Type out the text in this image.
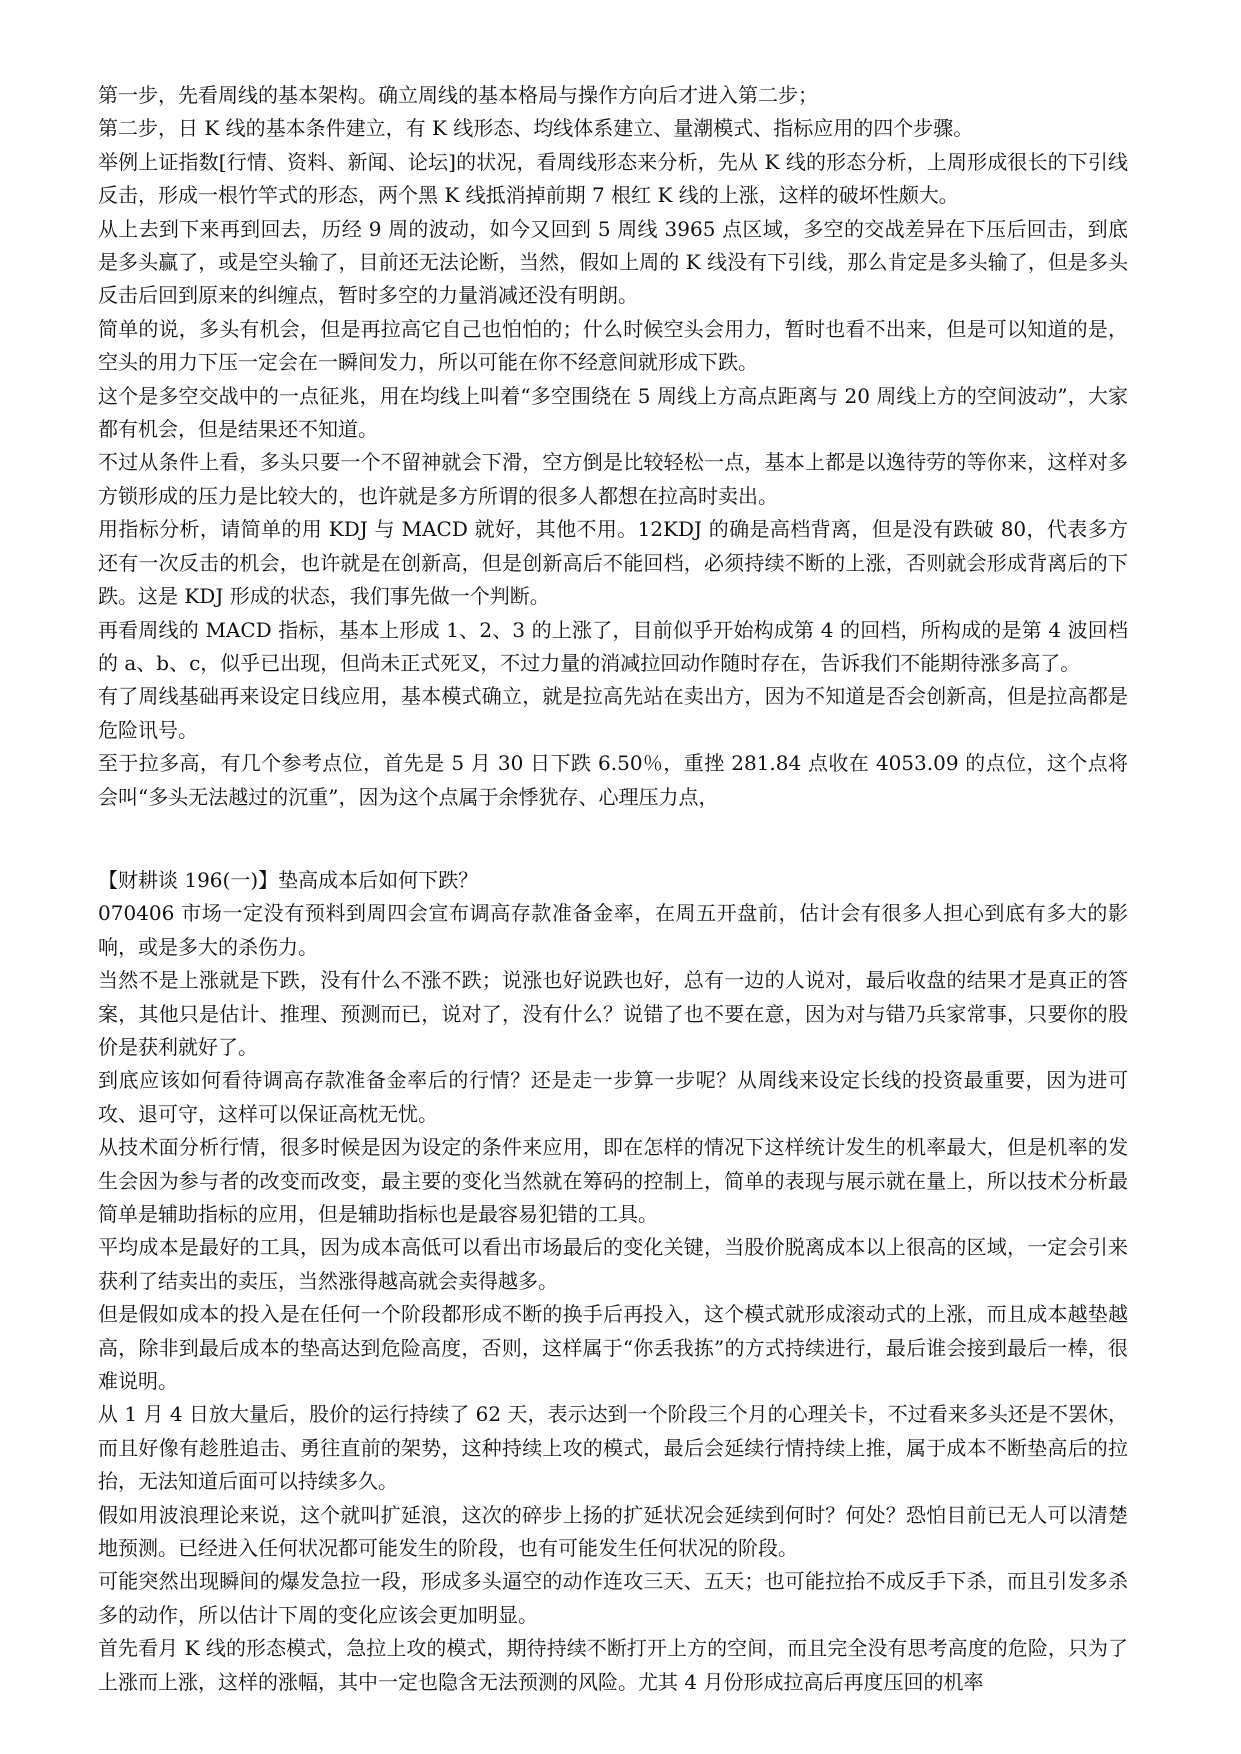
第一步，先看周线的基本架构。确立周线的基本格局与操作方向后才进入第二步；

第二步，日 K 线的基本条件建立，有 K 线形态、均线体系建立、量潮模式、指标应用的四个步骤。

举例上证指数[行情、资料、新闻、论坛]的状况，看周线形态来分析，先从 K 线的形态分析，上周形成很长的下引线反击，形成一根竹竿式的形态，两个黑 K 线抵消掉前期 7 根红 K 线的上涨，这样的破坏性颇大。

从上去到下来再到回去，历经 9 周的波动，如今又回到 5 周线 3965 点区域，多空的交战差异在下压后回击，到底是多头赢了，或是空头输了，目前还无法论断，当然，假如上周的 K 线没有下引线，那么肯定是多头输了，但是多头反击后回到原来的纠缠点，暂时多空的力量消减还没有明朗。

简单的说，多头有机会，但是再拉高它自己也怕怕的；什么时候空头会用力，暂时也看不出来，但是可以知道的是，空头的用力下压一定会在一瞬间发力，所以可能在你不经意间就形成下跌。

这个是多空交战中的一点征兆，用在均线上叫着“多空围绕在 5 周线上方高点距离与 20 周线上方的空间波动”，大家都有机会，但是结果还不知道。

不过从条件上看，多头只要一个不留神就会下滑，空方倒是比较轻松一点，基本上都是以逸待劳的等你来，这样对多方锁形成的压力是比较大的，也许就是多方所谓的很多人都想在拉高时卖出。

用指标分析，请简单的用 KDJ 与 MACD 就好，其他不用。12KDJ 的确是高档背离，但是没有跌破 80，代表多方还有一次反击的机会，也许就是在创新高，但是创新高后不能回档，必须持续不断的上涨，否则就会形成背离后的下跌。这是 KDJ 形成的状态，我们事先做一个判断。

再看周线的 MACD 指标，基本上形成 1、2、3 的上涨了，目前似乎开始构成第 4 的回档，所构成的是第 4 波回档的 a、b、c，似乎已出现，但尚未正式死叉，不过力量的消减拉回动作随时存在，告诉我们不能期待涨多高了。

有了周线基础再来设定日线应用，基本模式确立，就是拉高先站在卖出方，因为不知道是否会创新高，但是拉高都是危险讯号。

至于拉多高，有几个参考点位，首先是 5 月 30 日下跌 6.50％，重挫 281.84 点收在 4053.09 的点位，这个点将会叫“多头无法越过的沉重”，因为这个点属于余悸犹存、心理压力点，

【财耕谈 196(一)】垫高成本后如何下跌？

070406 市场一定没有预料到周四会宣布调高存款准备金率，在周五开盘前，估计会有很多人担心到底有多大的影响，或是多大的杀伤力。

当然不是上涨就是下跌，没有什么不涨不跌；说涨也好说跌也好，总有一边的人说对，最后收盘的结果才是真正的答案，其他只是估计、推理、预测而已，说对了，没有什么？说错了也不要在意，因为对与错乃兵家常事，只要你的股价是获利就好了。

到底应该如何看待调高存款准备金率后的行情？还是走一步算一步呢？从周线来设定长线的投资最重要，因为进可攻、退可守，这样可以保证高枕无忧。

从技术面分析行情，很多时候是因为设定的条件来应用，即在怎样的情况下这样统计发生的机率最大，但是机率的发生会因为参与者的改变而改变，最主要的变化当然就在筹码的控制上，简单的表现与展示就在量上，所以技术分析最简单是辅助指标的应用，但是辅助指标也是最容易犯错的工具。

平均成本是最好的工具，因为成本高低可以看出市场最后的变化关键，当股价脱离成本以上很高的区域，一定会引来获利了结卖出的卖压，当然涨得越高就会卖得越多。

但是假如成本的投入是在任何一个阶段都形成不断的换手后再投入，这个模式就形成滚动式的上涨，而且成本越垫越高，除非到最后成本的垫高达到危险高度，否则，这样属于“你丢我拣”的方式持续进行，最后谁会接到最后一棒，很难说明。

从 1 月 4 日放大量后，股价的运行持续了 62 天，表示达到一个阶段三个月的心理关卡，不过看来多头还是不罢休，而且好像有趁胜追击、勇往直前的架势，这种持续上攻的模式，最后会延续行情持续上推，属于成本不断垫高后的拉抬，无法知道后面可以持续多久。

假如用波浪理论来说，这个就叫扩延浪，这次的碎步上扬的扩延状况会延续到何时？何处？恐怕目前已无人可以清楚地预测。已经进入任何状况都可能发生的阶段，也有可能发生任何状况的阶段。

可能突然出现瞬间的爆发急拉一段，形成多头逼空的动作连攻三天、五天；也可能拉抬不成反手下杀，而且引发多杀多的动作，所以估计下周的变化应该会更加明显。

首先看月 K 线的形态模式，急拉上攻的模式，期待持续不断打开上方的空间，而且完全没有思考高度的危险，只为了上涨而上涨，这样的涨幅，其中一定也隐含无法预测的风险。尤其 4 月份形成拉高后再度压回的机率
